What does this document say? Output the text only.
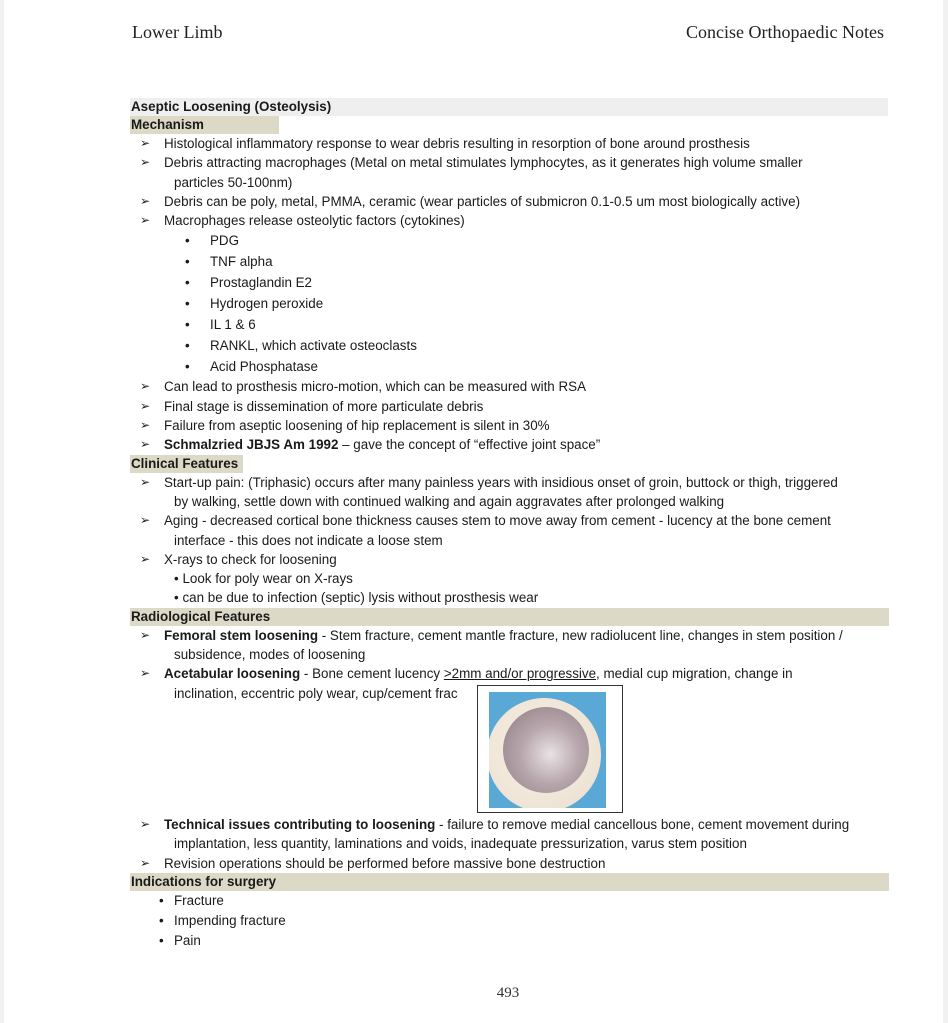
Lower Limb	Concise Orthopaedic Notes
Aseptic Loosening (Osteolysis)
Mechanism
➢ Histological inflammatory response to wear debris resulting in resorption of bone around prosthesis
➢ Debris attracting macrophages (Metal on metal stimulates lymphocytes, as it generates high volume smaller
particles 50-100nm)
➢ Debris can be poly, metal, PMMA, ceramic (wear particles of submicron 0.1-0.5 um most biologically active)
➢ Macrophages release osteolytic factors (cytokines)
• PDG
• TNF alpha
• Prostaglandin E2
• Hydrogen peroxide
• IL 1 & 6
• RANKL, which activate osteoclasts
• Acid Phosphatase
➢ Can lead to prosthesis micro-motion, which can be measured with RSA
➢ Final stage is dissemination of more particulate debris
➢ Failure from aseptic loosening of hip replacement is silent in 30%
➢ Schmalzried JBJS Am 1992 – gave the concept of “effective joint space”
Clinical Features
➢ Start-up pain: (Triphasic) occurs after many painless years with insidious onset of groin, buttock or thigh, triggered
by walking, settle down with continued walking and again aggravates after prolonged walking
➢ Aging - decreased cortical bone thickness causes stem to move away from cement - lucency at the bone cement
interface - this does not indicate a loose stem
➢ X-rays to check for loosening
• Look for poly wear on X-rays
• can be due to infection (septic) lysis without prosthesis wear
Radiological Features
➢ Femoral stem loosening - Stem fracture, cement mantle fracture, new radiolucent line, changes in stem position /
subsidence, modes of loosening
➢ Acetabular loosening - Bone cement lucency >2mm and/or progressive, medial cup migration, change in
inclination, eccentric poly wear, cup/cement frac
➢ Technical issues contributing to loosening - failure to remove medial cancellous bone, cement movement during
implantation, less quantity, laminations and voids, inadequate pressurization, varus stem position
➢ Revision operations should be performed before massive bone destruction
Indications for surgery
• Fracture
• Impending fracture
• Pain
493
